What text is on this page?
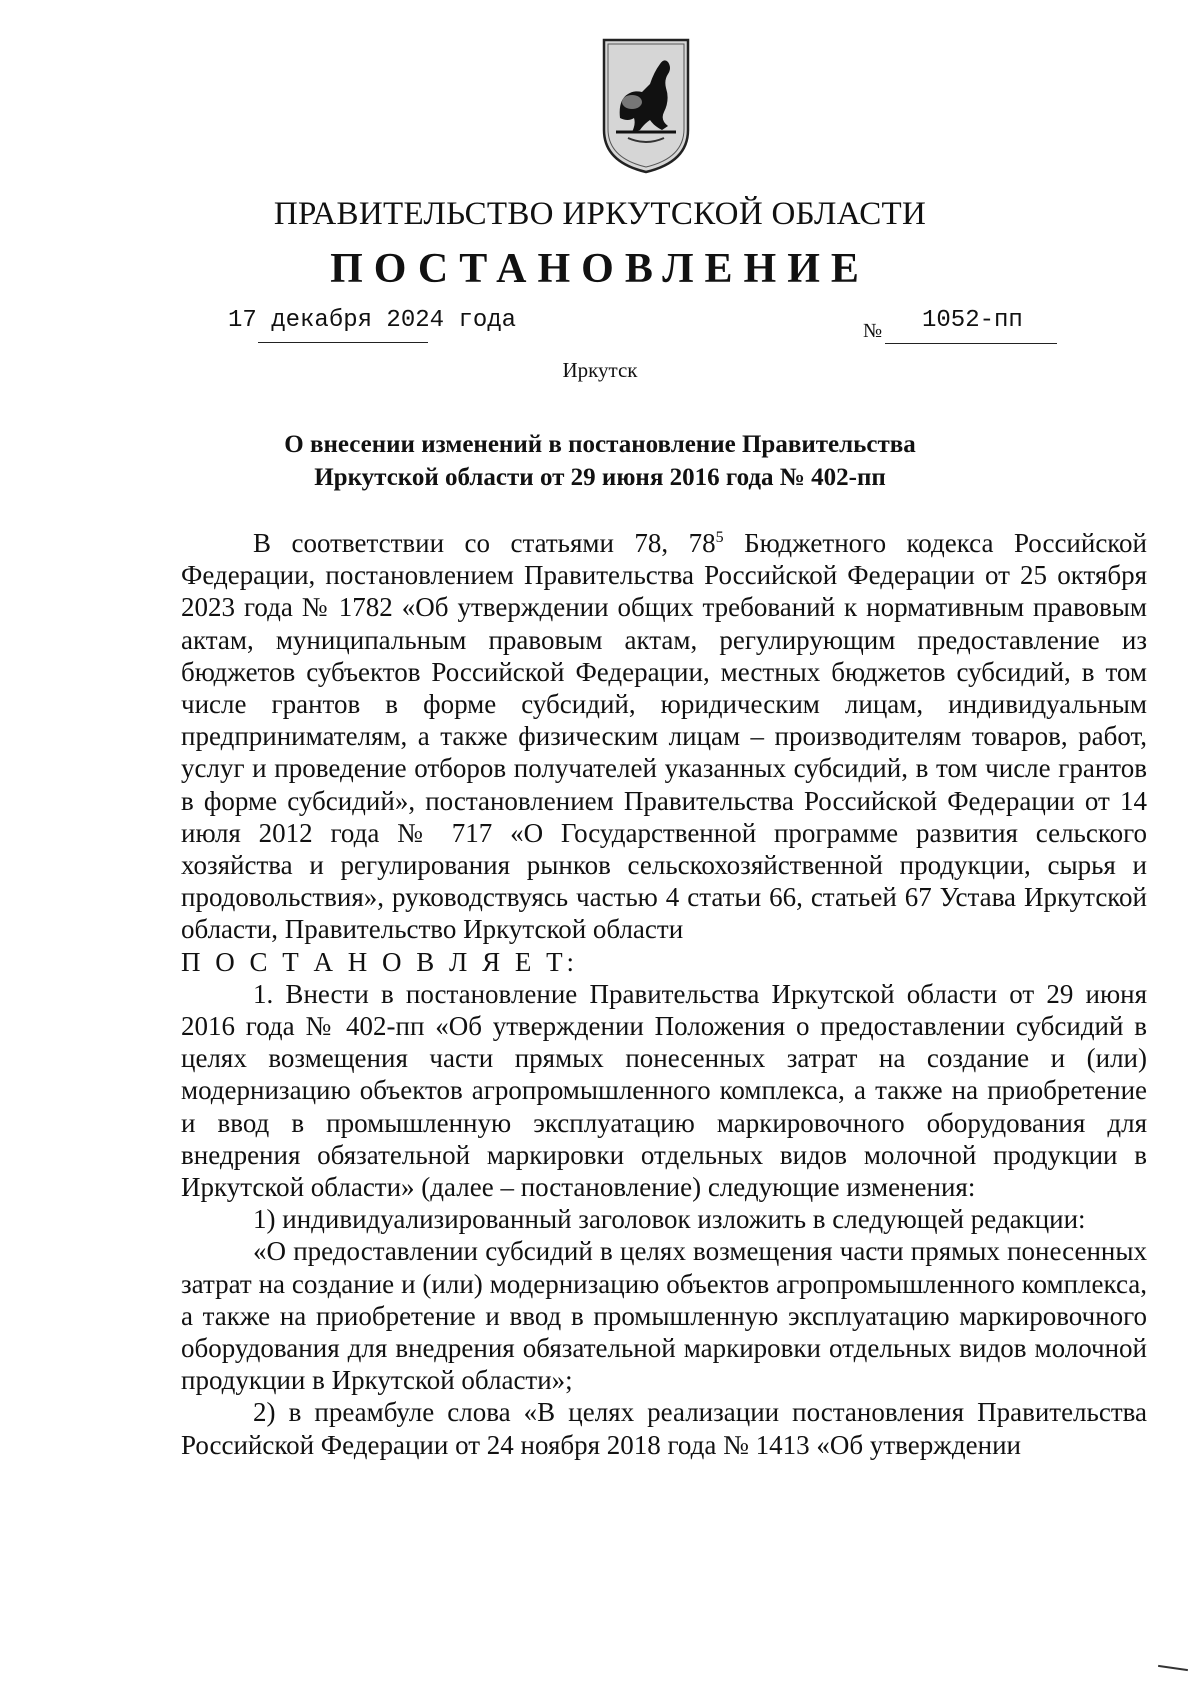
ПРАВИТЕЛЬСТВО ИРКУТСКОЙ ОБЛАСТИ
ПОСТАНОВЛЕНИЕ
17 декабря 2024 года	№ 1052-пп
Иркутск
О внесении изменений в постановление Правительства
Иркутской области от 29 июня 2016 года № 402-пп

В соответствии со статьями 78, $78^5$ Бюджетного кодекса Российской Федерации, постановлением Правительства Российской Федерации от 25 октября 2023 года № 1782 «Об утверждении общих требований к нормативным правовым актам, муниципальным правовым актам, регулирующим предоставление из бюджетов субъектов Российской Федерации, местных бюджетов субсидий, в том числе грантов в форме субсидий, юридическим лицам, индивидуальным предпринимателям, а также физическим лицам – производителям товаров, работ, услуг и проведение отборов получателей указанных субсидий, в том числе грантов в форме субсидий», постановлением Правительства Российской Федерации от 14 июля 2012 года № 717 «О Государственной программе развития сельского хозяйства и регулирования рынков сельскохозяйственной продукции, сырья и продовольствия», руководствуясь частью 4 статьи 66, статьей 67 Устава Иркутской области, Правительство Иркутской области

П О С Т А Н О В Л Я Е Т:

1. Внести в постановление Правительства Иркутской области от 29 июня 2016 года № 402-пп «Об утверждении Положения о предоставлении субсидий в целях возмещения части прямых понесенных затрат на создание и (или) модернизацию объектов агропромышленного комплекса, а также на приобретение и ввод в промышленную эксплуатацию маркировочного оборудования для внедрения обязательной маркировки отдельных видов молочной продукции в Иркутской области» (далее – постановление) следующие изменения:

1) индивидуализированный заголовок изложить в следующей редакции:

«О предоставлении субсидий в целях возмещения части прямых понесенных затрат на создание и (или) модернизацию объектов агропромышленного комплекса, а также на приобретение и ввод в промышленную эксплуатацию маркировочного оборудования для внедрения обязательной маркировки отдельных видов молочной продукции в Иркутской области»;

2) в преамбуле слова «В целях реализации постановления Правительства Российской Федерации от 24 ноября 2018 года № 1413 «Об утверждении
